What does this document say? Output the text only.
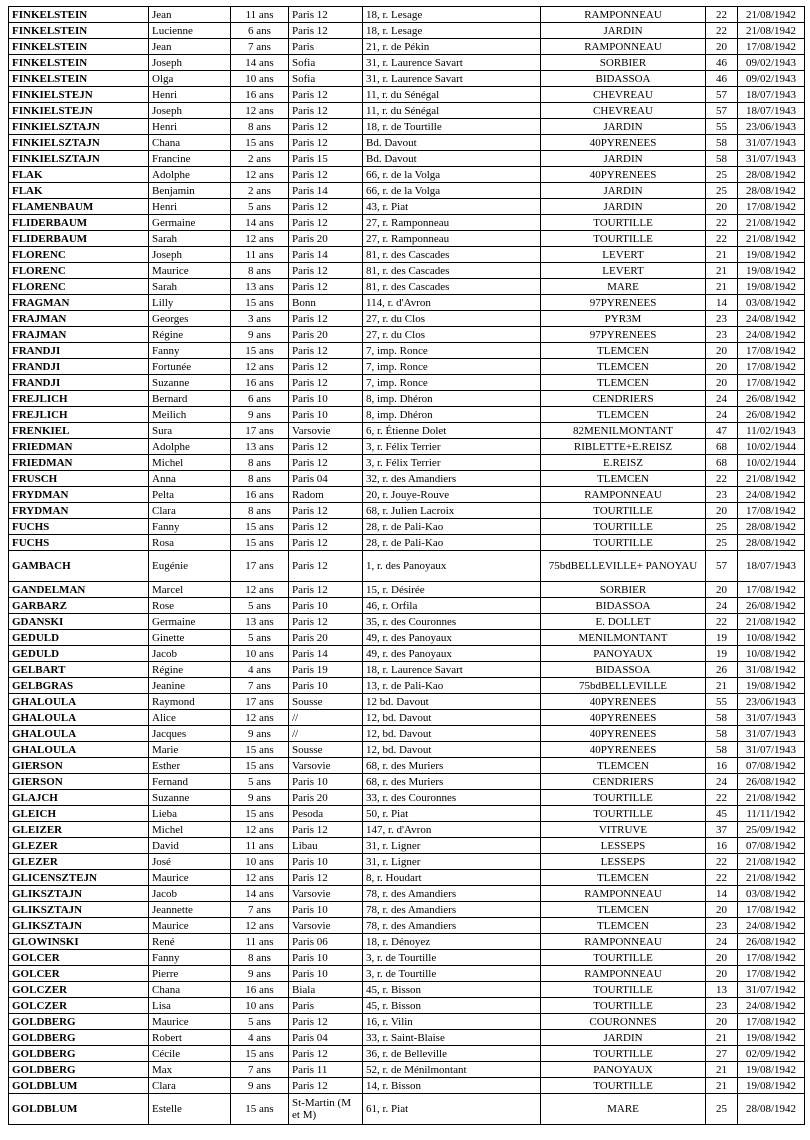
FINKELSTEIN	Jean	11 ans	Paris 12	18, r. Lesage	RAMPONNEAU	22	21/08/1942
FINKELSTEIN	Lucienne	6 ans	Paris 12	18, r. Lesage	JARDIN	22	21/08/1942
FINKELSTEIN	Jean	7 ans	Paris	21, r. de Pékin	RAMPONNEAU	20	17/08/1942
FINKELSTEIN	Joseph	14 ans	Sofia	31, r. Laurence Savart	SORBIER	46	09/02/1943
FINKELSTEIN	Olga	10 ans	Sofia	31, r. Laurence Savart	BIDASSOA	46	09/02/1943
FINKIELSTEJN	Henri	16 ans	Paris 12	11, r. du Sénégal	CHEVREAU	57	18/07/1943
FINKIELSTEJN	Joseph	12 ans	Paris 12	11, r. du Sénégal	CHEVREAU	57	18/07/1943
FINKIELSZTAJN	Henri	8 ans	Paris 12	18, r. de Tourtille	JARDIN	55	23/06/1943
FINKIELSZTAJN	Chana	15 ans	Paris 12	Bd. Davout	40PYRENEES	58	31/07/1943
FINKIELSZTAJN	Francine	2 ans	Paris 15	Bd. Davout	JARDIN	58	31/07/1943
FLAK	Adolphe	12 ans	Paris 12	66, r. de la Volga	40PYRENEES	25	28/08/1942
FLAK	Benjamin	2 ans	Paris 14	66, r. de la Volga	JARDIN	25	28/08/1942
FLAMENBAUM	Henri	5 ans	Paris 12	43, r. Piat	JARDIN	20	17/08/1942
FLIDERBAUM	Germaine	14 ans	Paris 12	27, r. Ramponneau	TOURTILLE	22	21/08/1942
FLIDERBAUM	Sarah	12 ans	Paris 20	27, r. Ramponneau	TOURTILLE	22	21/08/1942
FLORENC	Joseph	11 ans	Paris 14	81, r. des Cascades	LEVERT	21	19/08/1942
FLORENC	Maurice	8 ans	Paris 12	81, r. des Cascades	LEVERT	21	19/08/1942
FLORENC	Sarah	13 ans	Paris 12	81, r. des Cascades	MARE	21	19/08/1942
FRAGMAN	Lilly	15 ans	Bonn	114, r. d'Avron	97PYRENEES	14	03/08/1942
FRAJMAN	Georges	3 ans	Paris 12	27, r. du Clos	PYR3M	23	24/08/1942
FRAJMAN	Régine	9 ans	Paris 20	27, r. du Clos	97PYRENEES	23	24/08/1942
FRANDJI	Fanny	15 ans	Paris 12	7, imp. Ronce	TLEMCEN	20	17/08/1942
FRANDJI	Fortunée	12 ans	Paris 12	7, imp. Ronce	TLEMCEN	20	17/08/1942
FRANDJI	Suzanne	16 ans	Paris 12	7, imp. Ronce	TLEMCEN	20	17/08/1942
FREJLICH	Bernard	6 ans	Paris 10	8, imp. Dhéron	CENDRIERS	24	26/08/1942
FREJLICH	Meilich	9 ans	Paris 10	8, imp. Dhéron	TLEMCEN	24	26/08/1942
FRENKIEL	Sura	17 ans	Varsovie	6, r. Étienne Dolet	82MENILMONTANT	47	11/02/1943
FRIEDMAN	Adolphe	13 ans	Paris 12	3, r. Félix Terrier	RIBLETTE+E.REISZ	68	10/02/1944
FRIEDMAN	Michel	8 ans	Paris 12	3, r. Félix Terrier	E.REISZ	68	10/02/1944
FRUSCH	Anna	8 ans	Paris 04	32, r. des Amandiers	TLEMCEN	22	21/08/1942
FRYDMAN	Pelta	16 ans	Radom	20, r. Jouye-Rouve	RAMPONNEAU	23	24/08/1942
FRYDMAN	Clara	8 ans	Paris 12	68, r. Julien Lacroix	TOURTILLE	20	17/08/1942
FUCHS	Fanny	15 ans	Paris 12	28, r. de Pali-Kao	TOURTILLE	25	28/08/1942
FUCHS	Rosa	15 ans	Paris 12	28, r. de Pali-Kao	TOURTILLE	25	28/08/1942
GAMBACH	Eugénie	17 ans	Paris 12	1, r. des Panoyaux	75bdBELLEVILLE+ PANOYAU	57	18/07/1943
GANDELMAN	Marcel	12 ans	Paris 12	15, r. Désirée	SORBIER	20	17/08/1942
GARBARZ	Rose	5 ans	Paris 10	46, r. Orfila	BIDASSOA	24	26/08/1942
GDANSKI	Germaine	13 ans	Paris 12	35, r. des Couronnes	E. DOLLET	22	21/08/1942
GEDULD	Ginette	5 ans	Paris 20	49, r. des Panoyaux	MENILMONTANT	19	10/08/1942
GEDULD	Jacob	10 ans	Paris 14	49, r. des Panoyaux	PANOYAUX	19	10/08/1942
GELBART	Régine	4 ans	Paris 19	18, r. Laurence Savart	BIDASSOA	26	31/08/1942
GELBGRAS	Jeanine	7 ans	Paris 10	13, r. de Pali-Kao	75bdBELLEVILLE	21	19/08/1942
GHALOULA	Raymond	17 ans	Sousse	12 bd. Davout	40PYRENEES	55	23/06/1943
GHALOULA	Alice	12 ans	//	12, bd. Davout	40PYRENEES	58	31/07/1943
GHALOULA	Jacques	9 ans	//	12, bd. Davout	40PYRENEES	58	31/07/1943
GHALOULA	Marie	15 ans	Sousse	12, bd. Davout	40PYRENEES	58	31/07/1943
GIERSON	Esther	15 ans	Varsovie	68, r. des Muriers	TLEMCEN	16	07/08/1942
GIERSON	Fernand	5 ans	Paris 10	68, r. des Muriers	CENDRIERS	24	26/08/1942
GLAJCH	Suzanne	9 ans	Paris 20	33, r. des Couronnes	TOURTILLE	22	21/08/1942
GLEICH	Lieba	15 ans	Pesoda	50, r. Piat	TOURTILLE	45	11/11/1942
GLEIZER	Michel	12 ans	Paris 12	147, r. d'Avron	VITRUVE	37	25/09/1942
GLEZER	David	11 ans	Libau	31, r. Ligner	LESSEPS	16	07/08/1942
GLEZER	José	10 ans	Paris 10	31, r. Ligner	LESSEPS	22	21/08/1942
GLICENSZTEJN	Maurice	12 ans	Paris 12	8, r. Houdart	TLEMCEN	22	21/08/1942
GLIKSZTAJN	Jacob	14 ans	Varsovie	78, r. des Amandiers	RAMPONNEAU	14	03/08/1942
GLIKSZTAJN	Jeannette	7 ans	Paris 10	78, r. des Amandiers	TLEMCEN	20	17/08/1942
GLIKSZTAJN	Maurice	12 ans	Varsovie	78, r. des Amandiers	TLEMCEN	23	24/08/1942
GLOWINSKI	René	11 ans	Paris 06	18, r. Dénoyez	RAMPONNEAU	24	26/08/1942
GOLCER	Fanny	8 ans	Paris 10	3, r. de Tourtille	TOURTILLE	20	17/08/1942
GOLCER	Pierre	9 ans	Paris 10	3, r. de Tourtille	RAMPONNEAU	20	17/08/1942
GOLCZER	Chana	16 ans	Biala	45, r. Bisson	TOURTILLE	13	31/07/1942
GOLCZER	Lisa	10 ans	Paris	45, r. Bisson	TOURTILLE	23	24/08/1942
GOLDBERG	Maurice	5 ans	Paris 12	16, r. Vilin	COURONNES	20	17/08/1942
GOLDBERG	Robert	4 ans	Paris 04	33, r. Saint-Blaise	JARDIN	21	19/08/1942
GOLDBERG	Cécile	15 ans	Paris 12	36, r. de Belleville	TOURTILLE	27	02/09/1942
GOLDBERG	Max	7 ans	Paris 11	52, r. de Ménilmontant	PANOYAUX	21	19/08/1942
GOLDBLUM	Clara	9 ans	Paris 12	14, r. Bisson	TOURTILLE	21	19/08/1942
GOLDBLUM	Estelle	15 ans	St-Martin (M et M)	61, r. Piat	MARE	25	28/08/1942
